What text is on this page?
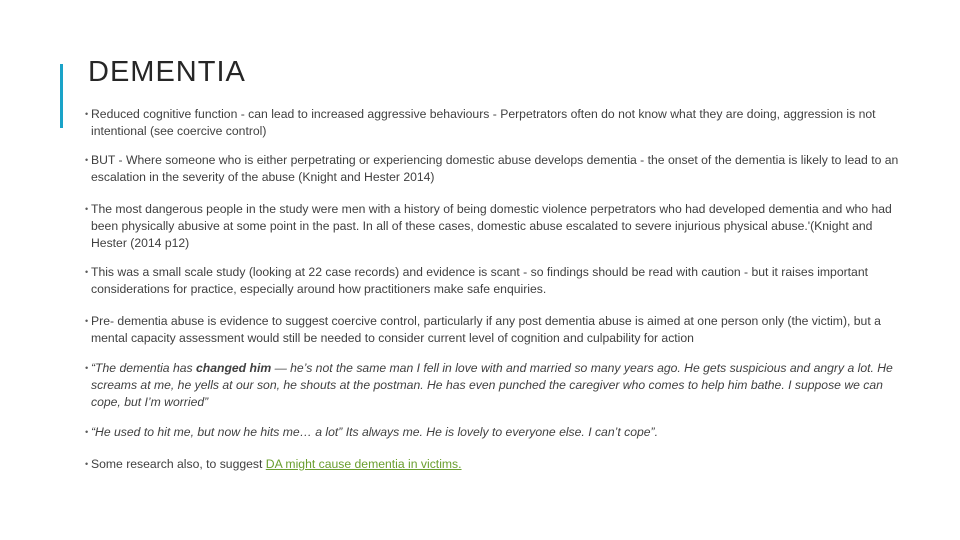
DEMENTIA
• Reduced cognitive function - can lead to increased aggressive behaviours - Perpetrators often do not know what they are doing, aggression is not intentional (see coercive control)
• BUT - Where someone who is either perpetrating or experiencing domestic abuse develops dementia - the onset of the dementia is likely to lead to an escalation in the severity of the abuse (Knight and Hester 2014)
• The most dangerous people in the study were men with a history of being domestic violence perpetrators who had developed dementia and who had been physically abusive at some point in the past. In all of these cases, domestic abuse escalated to severe injurious physical abuse.'(Knight and Hester (2014 p12)
• This was a small scale study (looking at 22 case records) and evidence is scant - so findings should be read with caution - but it raises important considerations for practice, especially around how practitioners make safe enquiries.
• Pre- dementia abuse is evidence to suggest coercive control, particularly if any post dementia abuse is aimed at one person only (the victim), but a mental capacity assessment would still be needed to consider current level of cognition and culpability for action
• “The dementia has changed him — he’s not the same man I fell in love with and married so many years ago. He gets suspicious and angry a lot. He screams at me, he yells at our son, he shouts at the postman. He has even punched the caregiver who comes to help him bathe. I suppose we can cope, but I’m worried”
• “He used to hit me, but now he hits me… a lot” Its always me. He is lovely to everyone else. I can’t cope”.
• Some research also, to suggest DA might cause dementia in victims.
